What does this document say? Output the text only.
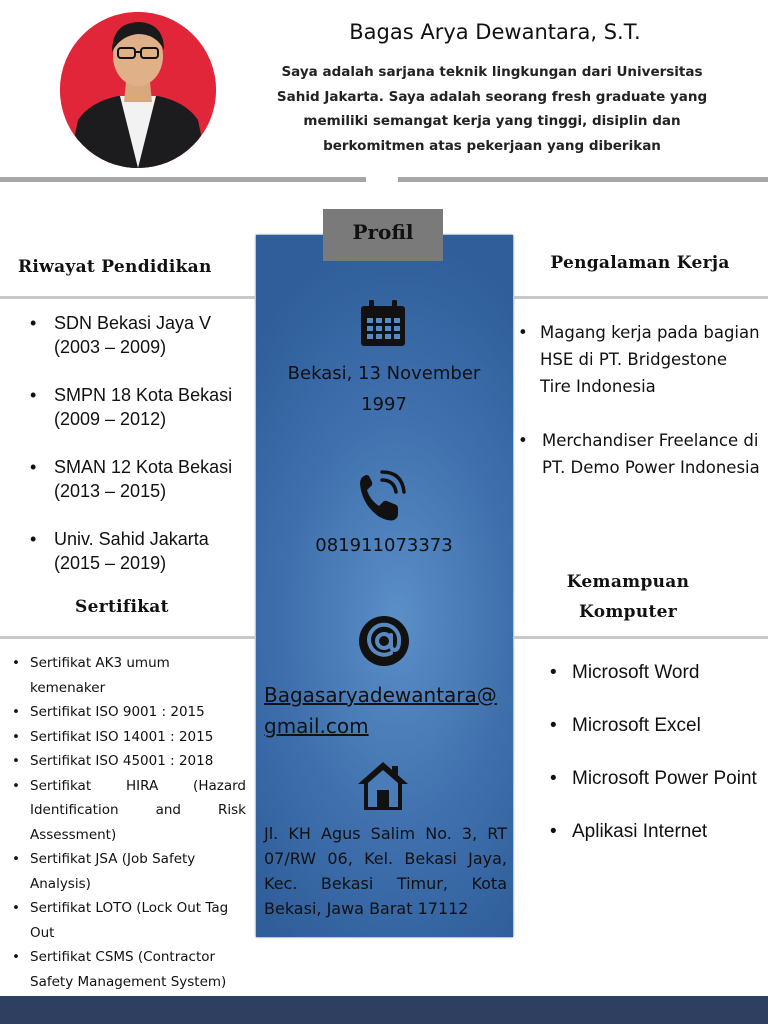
Bagas Arya Dewantara, S.T.
Saya adalah sarjana teknik lingkungan dari Universitas Sahid Jakarta. Saya adalah seorang fresh graduate yang memiliki semangat kerja yang tinggi, disiplin dan berkomitmen atas pekerjaan yang diberikan
Profil
Bekasi, 13 November 1997
081911073373
Bagasaryadewantara@gmail.com
Jl. KH Agus Salim No. 3, RT 07/RW 06, Kel. Bekasi Jaya, Kec. Bekasi Timur, Kota Bekasi, Jawa Barat 17112
Riwayat Pendidikan
• SDN Bekasi Jaya V
(2003 – 2009)
• SMPN 18 Kota Bekasi
(2009 – 2012)
• SMAN 12 Kota Bekasi
(2013 – 2015)
• Univ. Sahid Jakarta
(2015 – 2019)
Sertifikat
• Sertifikat AK3 umum kemenaker
• Sertifikat ISO 9001 : 2015
• Sertifikat ISO 14001 : 2015
• Sertifikat ISO 45001 : 2018
• Sertifikat HIRA (Hazard Identification and Risk Assessment)
• Sertifikat JSA (Job Safety Analysis)
• Sertifikat LOTO (Lock Out Tag Out
• Sertifikat CSMS (Contractor Safety Management System)
Pengalaman Kerja
• Magang kerja pada bagian HSE di PT. Bridgestone Tire Indonesia
• Merchandiser Freelance di PT. Demo Power Indonesia
Kemampuan Komputer
• Microsoft Word
• Microsoft Excel
• Microsoft Power Point
• Aplikasi Internet
